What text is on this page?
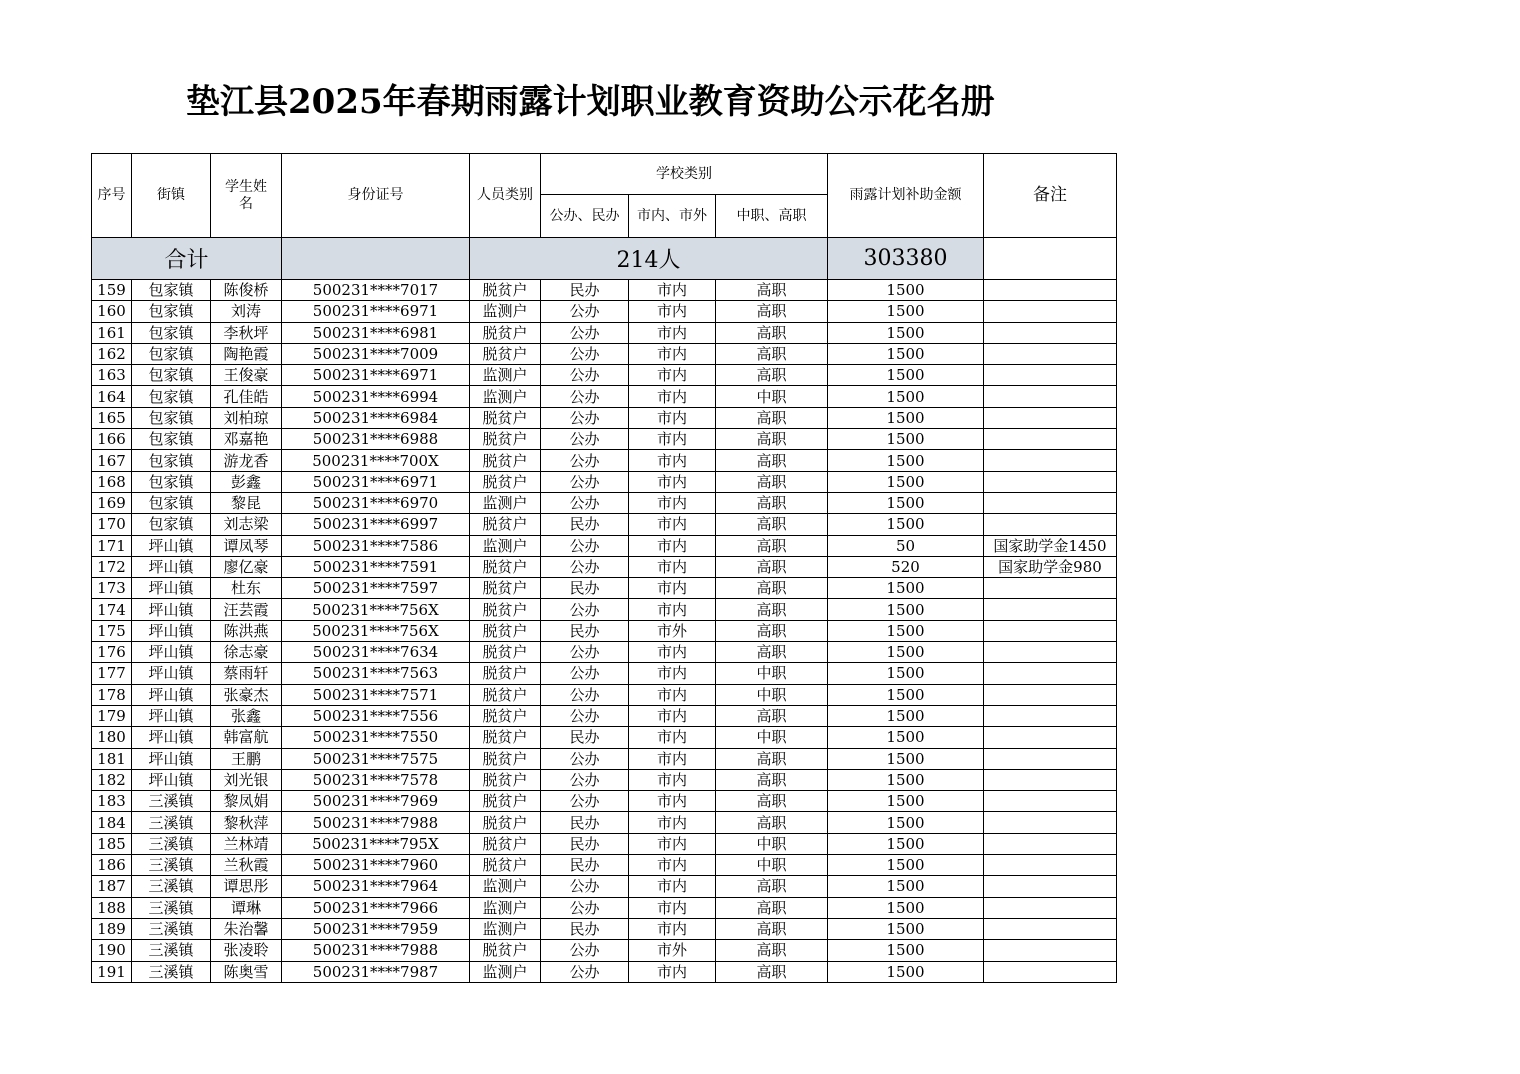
垫江县2025年春期雨露计划职业教育资助公示花名册
序号	街镇	学生姓名	身份证号	人员类别	学校类别			雨露计划补助金额	备注
					公办、民办	市内、市外	中职、高职		
合计				214人				303380	
159	包家镇	陈俊桥	500231****7017	脱贫户	民办	市内	高职	1500	
160	包家镇	刘涛	500231****6971	监测户	公办	市内	高职	1500	
161	包家镇	李秋坪	500231****6981	脱贫户	公办	市内	高职	1500	
162	包家镇	陶艳霞	500231****7009	脱贫户	公办	市内	高职	1500	
163	包家镇	王俊豪	500231****6971	监测户	公办	市内	高职	1500	
164	包家镇	孔佳皓	500231****6994	监测户	公办	市内	中职	1500	
165	包家镇	刘柏琼	500231****6984	脱贫户	公办	市内	高职	1500	
166	包家镇	邓嘉艳	500231****6988	脱贫户	公办	市内	高职	1500	
167	包家镇	游龙香	500231****700X	脱贫户	公办	市内	高职	1500	
168	包家镇	彭鑫	500231****6971	脱贫户	公办	市内	高职	1500	
169	包家镇	黎昆	500231****6970	监测户	公办	市内	高职	1500	
170	包家镇	刘志梁	500231****6997	脱贫户	民办	市内	高职	1500	
171	坪山镇	谭凤琴	500231****7586	监测户	公办	市内	高职	50	国家助学金1450
172	坪山镇	廖亿豪	500231****7591	脱贫户	公办	市内	高职	520	国家助学金980
173	坪山镇	杜东	500231****7597	脱贫户	民办	市内	高职	1500	
174	坪山镇	汪芸霞	500231****756X	脱贫户	公办	市内	高职	1500	
175	坪山镇	陈洪燕	500231****756X	脱贫户	民办	市外	高职	1500	
176	坪山镇	徐志豪	500231****7634	脱贫户	公办	市内	高职	1500	
177	坪山镇	蔡雨轩	500231****7563	脱贫户	公办	市内	中职	1500	
178	坪山镇	张豪杰	500231****7571	脱贫户	公办	市内	中职	1500	
179	坪山镇	张鑫	500231****7556	脱贫户	公办	市内	高职	1500	
180	坪山镇	韩富航	500231****7550	脱贫户	民办	市内	中职	1500	
181	坪山镇	王鹏	500231****7575	脱贫户	公办	市内	高职	1500	
182	坪山镇	刘光银	500231****7578	脱贫户	公办	市内	高职	1500	
183	三溪镇	黎凤娟	500231****7969	脱贫户	公办	市内	高职	1500	
184	三溪镇	黎秋萍	500231****7988	脱贫户	民办	市内	高职	1500	
185	三溪镇	兰林靖	500231****795X	脱贫户	民办	市内	中职	1500	
186	三溪镇	兰秋霞	500231****7960	脱贫户	民办	市内	中职	1500	
187	三溪镇	谭思彤	500231****7964	监测户	公办	市内	高职	1500	
188	三溪镇	谭琳	500231****7966	监测户	公办	市内	高职	1500	
189	三溪镇	朱治馨	500231****7959	监测户	民办	市内	高职	1500	
190	三溪镇	张凌聆	500231****7988	脱贫户	公办	市外	高职	1500	
191	三溪镇	陈奥雪	500231****7987	监测户	公办	市内	高职	1500	
